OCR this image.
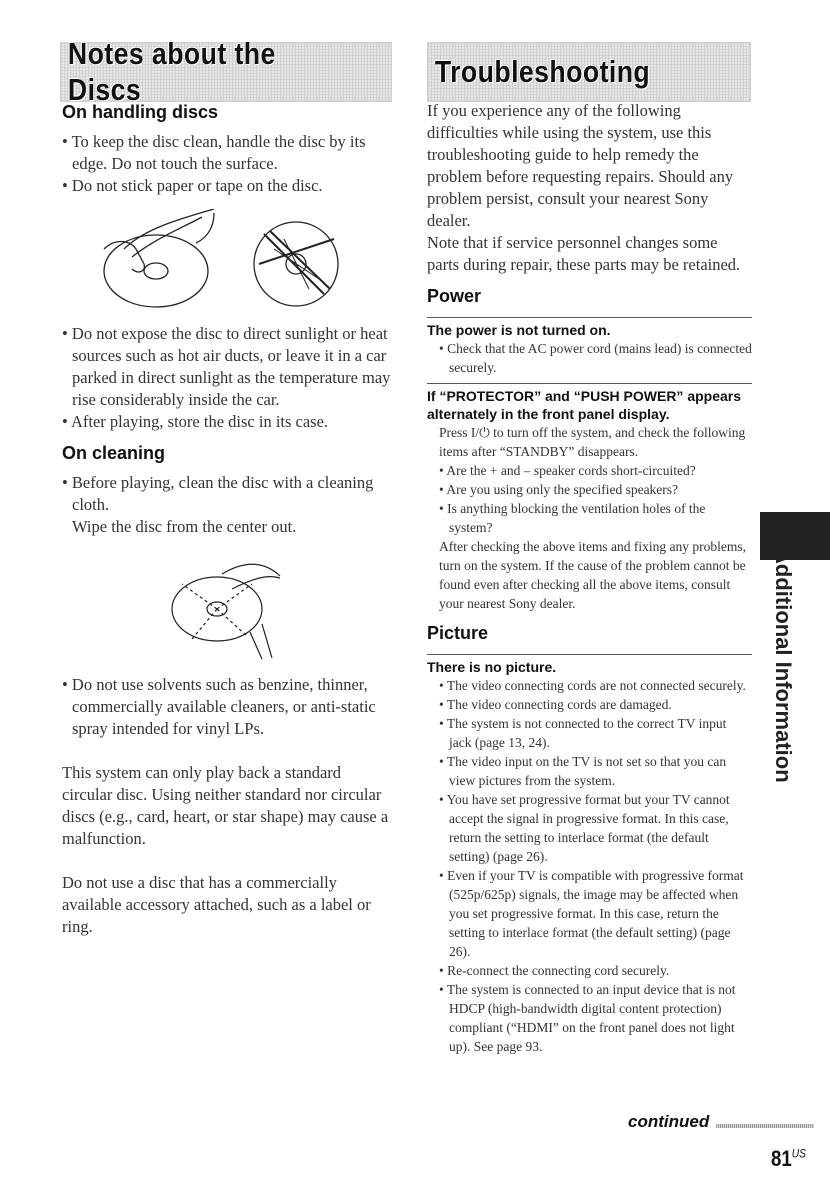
Notes about the Discs
Troubleshooting
On handling discs
• To keep the disc clean, handle the disc by its edge. Do not touch the surface.
• Do not stick paper or tape on the disc.
• Do not expose the disc to direct sunlight or heat sources such as hot air ducts, or leave it in a car parked in direct sunlight as the temperature may rise considerably inside the car.
• After playing, store the disc in its case.
On cleaning
• Before playing, clean the disc with a cleaning cloth.
Wipe the disc from the center out.
• Do not use solvents such as benzine, thinner, commercially available cleaners, or anti-static spray intended for vinyl LPs.
This system can only play back a standard circular disc. Using neither standard nor circular discs (e.g., card, heart, or star shape) may cause a malfunction.
Do not use a disc that has a commercially available accessory attached, such as a label or ring.
If you experience any of the following difficulties while using the system, use this troubleshooting guide to help remedy the problem before requesting repairs. Should any problem persist, consult your nearest Sony dealer.
Note that if service personnel changes some parts during repair, these parts may be retained.
Power
The power is not turned on.
• Check that the AC power cord (mains lead) is connected securely.
If “PROTECTOR” and “PUSH POWER” appears alternately in the front panel display.
Press I/⏻ to turn off the system, and check the following items after “STANDBY” disappears.
• Are the + and – speaker cords short-circuited?
• Are you using only the specified speakers?
• Is anything blocking the ventilation holes of the system?
After checking the above items and fixing any problems, turn on the system. If the cause of the problem cannot be found even after checking all the above items, consult your nearest Sony dealer.
Picture
There is no picture.
• The video connecting cords are not connected securely.
• The video connecting cords are damaged.
• The system is not connected to the correct TV input jack (page 13, 24).
• The video input on the TV is not set so that you can view pictures from the system.
• You have set progressive format but your TV cannot accept the signal in progressive format. In this case, return the setting to interlace format (the default setting) (page 26).
• Even if your TV is compatible with progressive format (525p/625p) signals, the image may be affected when you set progressive format. In this case, return the setting to interlace format (the default setting) (page 26).
• Re-connect the connecting cord securely.
• The system is connected to an input device that is not HDCP (high-bandwidth digital content protection) compliant (“HDMI” on the front panel does not light up). See page 93.
Additional Information
continued
$81^{US}$
